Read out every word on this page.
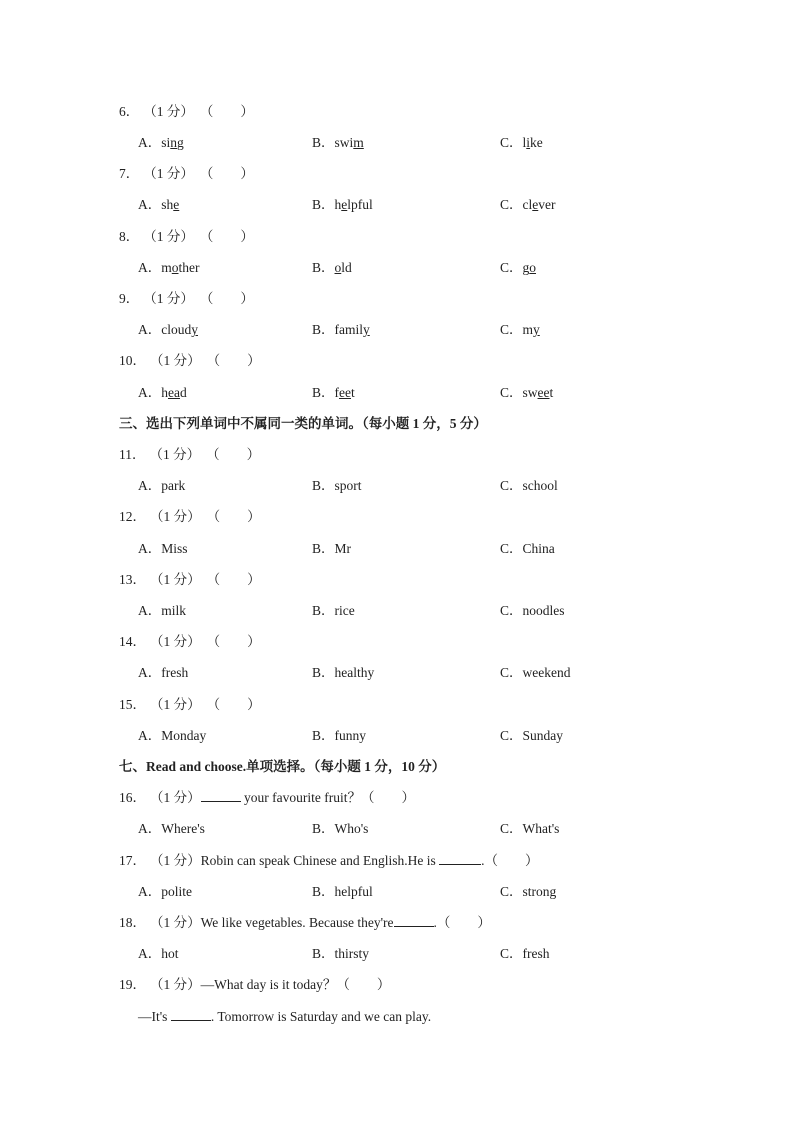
6． （1 分） （　　）
A．sing	B．swim	C．like
7． （1 分） （　　）
A．she	B．helpful	C．clever
8． （1 分） （　　）
A．mother	B．old	C．go
9． （1 分） （　　）
A．cloudy	B．family	C．my
10． （1 分） （　　）
A．head	B．feet	C．sweet
三、选出下列单词中不属同一类的单词。（每小题 1 分，5 分）
11． （1 分） （　　）
A．park	B．sport	C．school
12． （1 分） （　　）
A．Miss	B．Mr	C．China
13． （1 分） （　　）
A．milk	B．rice	C．noodles
14． （1 分） （　　）
A．fresh	B．healthy	C．weekend
15． （1 分） （　　）
A．Monday	B．funny	C．Sunday
七、Read and choose.单项选择。（每小题 1 分，10 分）
16． （1 分）	your favourite fruit？（　　）
A．Where's	B．Who's	C．What's
17． （1 分）Robin can speak Chinese and English.He is	.（　　）
A．polite	B．helpful	C．strong
18． （1 分）We like vegetables. Because they're	.（　　）
A．hot	B．thirsty	C．fresh
19． （1 分）—What day is it today？（　　）
—It's	. Tomorrow is Saturday and we can play.
